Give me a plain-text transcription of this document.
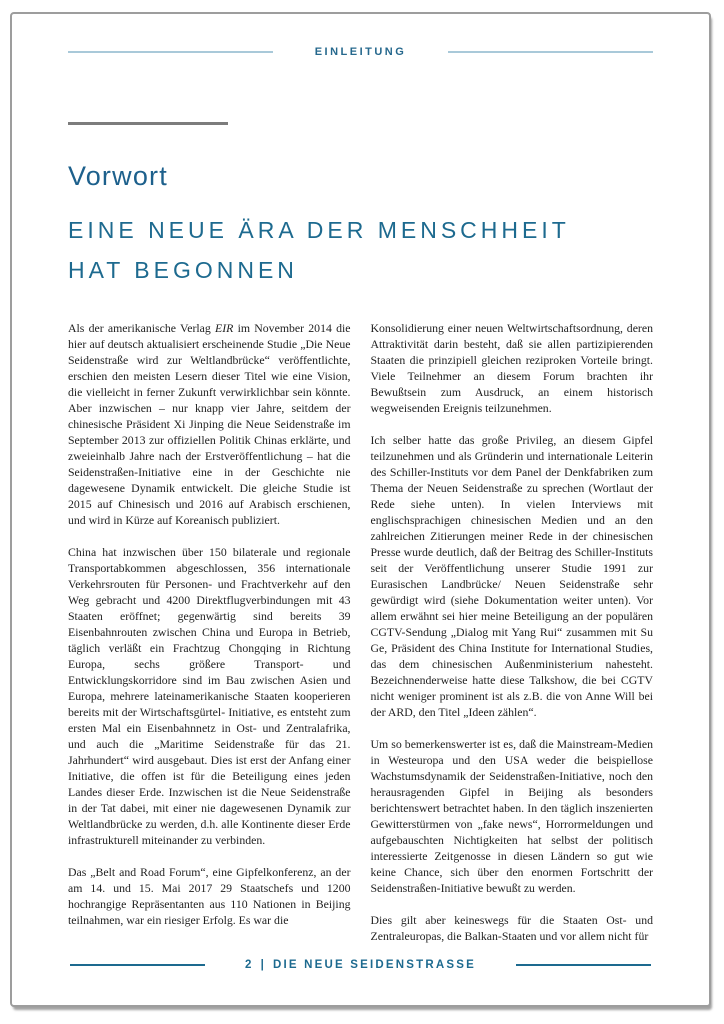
EINLEITUNG
Vorwort
EINE NEUE ÄRA DER MENSCHHEIT
HAT BEGONNEN

Als der amerikanische Verlag EIR im November 2014 die hier auf deutsch aktualisiert erscheinende Studie „Die Neue Seidenstraße wird zur Weltlandbrücke“ veröffentlichte, erschien den meisten Lesern dieser Titel wie eine Vision, die vielleicht in ferner Zukunft verwirklichbar sein könnte. Aber inzwischen – nur knapp vier Jahre, seitdem der chinesische Präsident Xi Jinping die Neue Seidenstraße im September 2013 zur offiziellen Politik Chinas erklärte, und zweieinhalb Jahre nach der Erstveröffentlichung – hat die Seidenstraßen-Initiative eine in der Geschichte nie dagewesene Dynamik entwickelt. Die gleiche Studie ist 2015 auf Chinesisch und 2016 auf Arabisch erschienen, und wird in Kürze auf Koreanisch publiziert.

China hat inzwischen über 150 bilaterale und regionale Transportabkommen abgeschlossen, 356 internationale Verkehrsrouten für Personen- und Frachtverkehr auf den Weg gebracht und 4200 Direktflugverbindungen mit 43 Staaten eröffnet; gegenwärtig sind bereits 39 Eisenbahnrouten zwischen China und Europa in Betrieb, täglich verläßt ein Frachtzug Chongqing in Richtung Europa, sechs größere Transport- und Entwicklungskorridore sind im Bau zwischen Asien und Europa, mehrere lateinamerikanische Staaten kooperieren bereits mit der Wirtschaftsgürtel- Initiative, es entsteht zum ersten Mal ein Eisenbahnnetz in Ost- und Zentralafrika, und auch die „Maritime Seidenstraße für das 21. Jahrhundert“ wird ausgebaut. Dies ist erst der Anfang einer Initiative, die offen ist für die Beteiligung eines jeden Landes dieser Erde. Inzwischen ist die Neue Seidenstraße in der Tat dabei, mit einer nie dagewesenen Dynamik zur Weltlandbrücke zu werden, d.h. alle Kontinente dieser Erde infrastrukturell miteinander zu verbinden.

Das „Belt and Road Forum“, eine Gipfelkonferenz, an der am 14. und 15. Mai 2017 29 Staatschefs und 1200 hochrangige Repräsentanten aus 110 Nationen in Beijing teilnahmen, war ein riesiger Erfolg. Es war die

Konsolidierung einer neuen Weltwirtschaftsordnung, deren Attraktivität darin besteht, daß sie allen partizipierenden Staaten die prinzipiell gleichen reziproken Vorteile bringt. Viele Teilnehmer an diesem Forum brachten ihr Bewußtsein zum Ausdruck, an einem historisch wegweisenden Ereignis teilzunehmen.

Ich selber hatte das große Privileg, an diesem Gipfel teilzunehmen und als Gründerin und internationale Leiterin des Schiller-Instituts vor dem Panel der Denkfabriken zum Thema der Neuen Seidenstraße zu sprechen (Wortlaut der Rede siehe unten). In vielen Interviews mit englischsprachigen chinesischen Medien und an den zahlreichen Zitierungen meiner Rede in der chinesischen Presse wurde deutlich, daß der Beitrag des Schiller-Instituts seit der Veröffentlichung unserer Studie 1991 zur Eurasischen Landbrücke/ Neuen Seidenstraße sehr gewürdigt wird (siehe Dokumentation weiter unten). Vor allem erwähnt sei hier meine Beteiligung an der populären CGTV-Sendung „Dialog mit Yang Rui“ zusammen mit Su Ge, Präsident des China Institute for International Studies, das dem chinesischen Außenministerium nahesteht. Bezeichnenderweise hatte diese Talkshow, die bei CGTV nicht weniger prominent ist als z.B. die von Anne Will bei der ARD, den Titel „Ideen zählen“.

Um so bemerkenswerter ist es, daß die Mainstream-Medien in Westeuropa und den USA weder die beispiellose Wachstumsdynamik der Seidenstraßen-Initiative, noch den herausragenden Gipfel in Beijing als besonders berichtenswert betrachtet haben. In den täglich inszenierten Gewitterstürmen von „fake news“, Horrormeldungen und aufgebauschten Nichtigkeiten hat selbst der politisch interessierte Zeitgenosse in diesen Ländern so gut wie keine Chance, sich über den enormen Fortschritt der Seidenstraßen-Initiative bewußt zu werden.

Dies gilt aber keineswegs für die Staaten Ost- und Zentraleuropas, die Balkan-Staaten und vor allem nicht für

2 | DIE NEUE SEIDENSTRASSE
